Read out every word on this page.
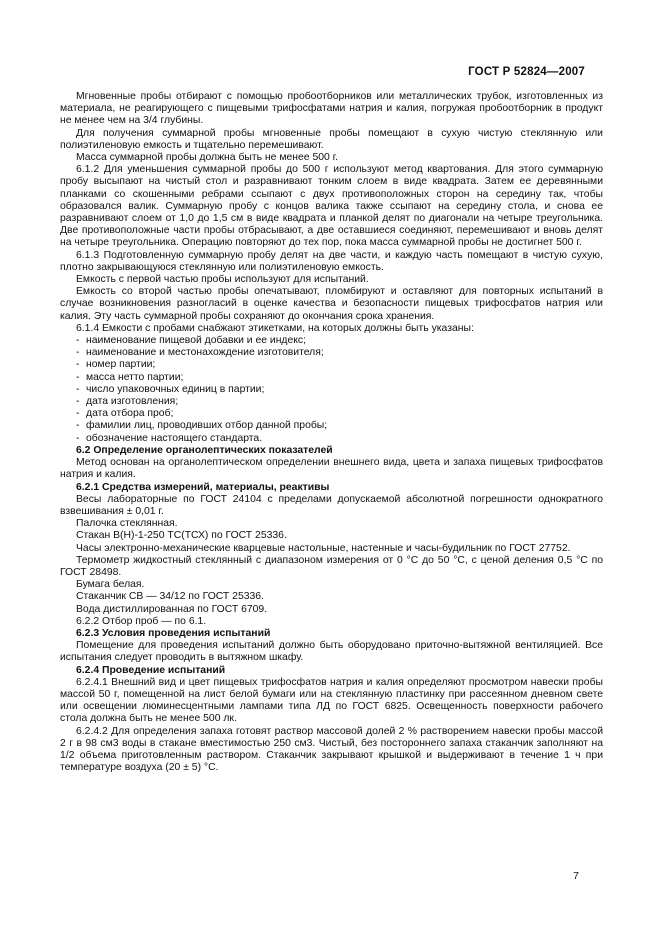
ГОСТ Р 52824—2007

Мгновенные пробы отбирают с помощью пробоотборников или металлических трубок, изготовленных из материала, не реагирующего с пищевыми трифосфатами натрия и калия, погружая пробоотборник в продукт не менее чем на 3/4 глубины.

Для получения суммарной пробы мгновенные пробы помещают в сухую чистую стеклянную или полиэтиленовую емкость и тщательно перемешивают.

Масса суммарной пробы должна быть не менее 500 г.

6.1.2 Для уменьшения суммарной пробы до 500 г используют метод квартования. Для этого суммарную пробу высыпают на чистый стол и разравнивают тонким слоем в виде квадрата. Затем ее деревянными планками со скошенными ребрами ссыпают с двух противоположных сторон на середину так, чтобы образовался валик. Суммарную пробу с концов валика также ссыпают на середину стола, и снова ее разравнивают слоем от 1,0 до 1,5 см в виде квадрата и планкой делят по диагонали на четыре треугольника. Две противоположные части пробы отбрасывают, а две оставшиеся соединяют, перемешивают и вновь делят на четыре треугольника. Операцию повторяют до тех пор, пока масса суммарной пробы не достигнет 500 г.

6.1.3 Подготовленную суммарную пробу делят на две части, и каждую часть помещают в чистую сухую, плотно закрывающуюся стеклянную или полиэтиленовую емкость.

Емкость с первой частью пробы используют для испытаний.

Емкость со второй частью пробы опечатывают, пломбируют и оставляют для повторных испытаний в случае возникновения разногласий в оценке качества и безопасности пищевых трифосфатов натрия или калия. Эту часть суммарной пробы сохраняют до окончания срока хранения.

6.1.4 Емкости с пробами снабжают этикетками, на которых должны быть указаны:

- наименование пищевой добавки и ее индекс;

- наименование и местонахождение изготовителя;

- номер партии;

- масса нетто партии;

- число упаковочных единиц в партии;

- дата изготовления;

- дата отбора проб;

- фамилии лиц, проводивших отбор данной пробы;

- обозначение настоящего стандарта.

6.2 Определение органолептических показателей

Метод основан на органолептическом определении внешнего вида, цвета и запаха пищевых трифосфатов натрия и калия.

6.2.1 Средства измерений, материалы, реактивы

Весы лабораторные по ГОСТ 24104 с пределами допускаемой абсолютной погрешности однократного взвешивания ± 0,01 г.

Палочка стеклянная.

Стакан В(Н)-1-250 ТС(ТСХ) по ГОСТ 25336.

Часы электронно-механические кварцевые настольные, настенные и часы-будильник по ГОСТ 27752.

Термометр жидкостный стеклянный с диапазоном измерения от 0 °С до 50 °С, с ценой деления 0,5 °С по ГОСТ 28498.

Бумага белая.

Стаканчик СВ — 34/12 по ГОСТ 25336.

Вода дистиллированная по ГОСТ 6709.

6.2.2 Отбор проб — по 6.1.

6.2.3 Условия проведения испытаний

Помещение для проведения испытаний должно быть оборудовано приточно-вытяжной вентиляцией. Все испытания следует проводить в вытяжном шкафу.

6.2.4 Проведение испытаний

6.2.4.1 Внешний вид и цвет пищевых трифосфатов натрия и калия определяют просмотром навески пробы массой 50 г, помещенной на лист белой бумаги или на стеклянную пластинку при рассеянном дневном свете или освещении люминесцентными лампами типа ЛД по ГОСТ 6825. Освещенность поверхности рабочего стола должна быть не менее 500 лк.

6.2.4.2 Для определения запаха готовят раствор массовой долей 2 % растворением навески пробы массой 2 г в 98 см3 воды в стакане вместимостью 250 см3. Чистый, без постороннего запаха стаканчик заполняют на 1/2 объема приготовленным раствором. Стаканчик закрывают крышкой и выдерживают в течение 1 ч при температуре воздуха (20 ± 5) °С.

7
